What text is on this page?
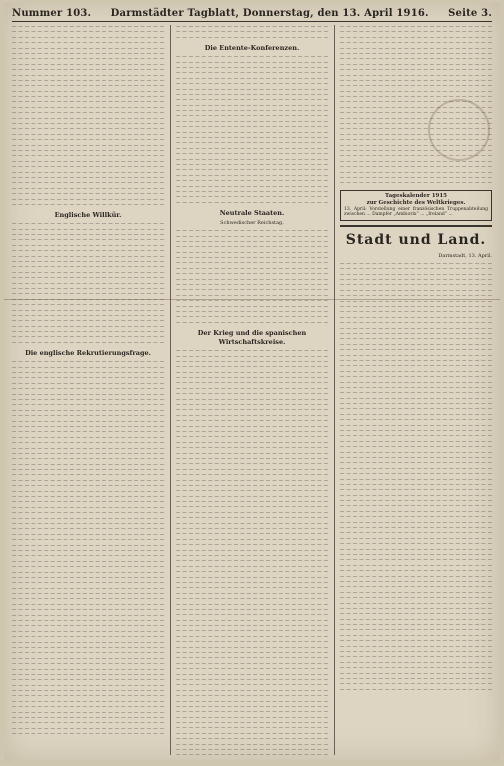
Nummer 103. Darmstädter Tagblatt, Donnerstag, den 13. April 1916. Seite 3.
— — — — — — — — — — — — — — — — — — — — — — — —
— — — — — — — — — — — — — — — — — — — — — — — —
— — — — — — — — — — — — — — — — — — — — — — — —
— — — — — — — — — — — — — — — — — — — — — — — —
— — — — — — — — — — — — — — — — — — — — — — — —
— — — — — — — — — — — — — — — — — — — — — — — —
— — — — — — — — — — — — — — — — — — — — — — — —
— — — — — — — — — — — — — — — — — — — — — — — —
— — — — — — — — — — — — — — — — — — — — — — — —
— — — — — — — — — — — — — — — — — — — — — — — —
— — — — — — — — — — — — — — — — — — — — — — — —
— — — — — — — — — — — — — — — — — — — — — — — —
— — — — — — — — — — — — — — — — — — — — — — — —
— — — — — — — — — — — — — — — — — — — — — — — —
— — — — — — — — — — — — — — — — — — — — — — — —
— — — — — — — — — — — — — — — — — — — — — — — —
— — — — — — — — — — — — — — — — — — — — — — — —
— — — — — — — — — — — — — — — — — — — — — — — —
— — — — — — — — — — — — — — — — — — — — — — — —
— — — — — — — — — — — — — — — — — — — — — — — —
— — — — — — — — — — — — — — — — — — — — — — — —
— — — — — — — — — — — — — — — — — — — — — — — —
— — — — — — — — — — — — — — — — — — — — — — — —
— — — — — — — — — — — — — — — — — — — — — — — —
— — — — — — — — — — — — — — — — — — — — — — — —
— — — — — — — — — — — — — — — — — — — — — — — —
— — — — — — — — — — — — — — — — — — — — — — — —
— — — — — — — — — — — — — — — — — — — — — — — —
— — — — — — — — — — — — — — — — — — — — — — — —
— — — — — — — — — — — — — — — — — — — — — — — —
— — — — — — — — — — — — — — — — — — — — — — — —
— — — — — — — — — — — — — — — — — — — — — — — —
— — — — — — — — — — — — — — — — — — — — — — — —
— — — — — — — — — — — — — — — — — — — — — — — —
Englische Willkür.
— — — — — — — — — — — — — — — — — — — — — — — —
— — — — — — — — — — — — — — — — — — — — — — — —
— — — — — — — — — — — — — — — — — — — — — — — —
— — — — — — — — — — — — — — — — — — — — — — — —
— — — — — — — — — — — — — — — — — — — — — — — —
— — — — — — — — — — — — — — — — — — — — — — — —
— — — — — — — — — — — — — — — — — — — — — — — —
— — — — — — — — — — — — — — — — — — — — — — — —
— — — — — — — — — — — — — — — — — — — — — — — —
— — — — — — — — — — — — — — — — — — — — — — — —
— — — — — — — — — — — — — — — — — — — — — — — —
— — — — — — — — — — — — — — — — — — — — — — — —
— — — — — — — — — — — — — — — — — — — — — — — —
— — — — — — — — — — — — — — — — — — — — — — — —
— — — — — — — — — — — — — — — — — — — — — — — —
— — — — — — — — — — — — — — — — — — — — — — — —
— — — — — — — — — — — — — — — — — — — — — — — —
— — — — — — — — — — — — — — — — — — — — — — — —
— — — — — — — — — — — — — — — — — — — — — — — —
— — — — — — — — — — — — — — — — — — — — — — — —
— — — — — — — — — — — — — — — — — — — — — — — —
— — — — — — — — — — — — — — — — — — — — — — — —
— — — — — — — — — — — — — — — — — — — — — — — —
Die englische Rekrutierungsfrage.
— — — — — — — — — — — — — — — — — — — — — — — —
— — — — — — — — — — — — — — — — — — — — — — — —
— — — — — — — — — — — — — — — — — — — — — — — —
— — — — — — — — — — — — — — — — — — — — — — — —
— — — — — — — — — — — — — — — — — — — — — — — —
— — — — — — — — — — — — — — — — — — — — — — — —
— — — — — — — — — — — — — — — — — — — — — — — —
— — — — — — — — — — — — — — — — — — — — — — — —
— — — — — — — — — — — — — — — — — — — — — — — —
— — — — — — — — — — — — — — — — — — — — — — — —
— — — — — — — — — — — — — — — — — — — — — — — —
— — — — — — — — — — — — — — — — — — — — — — — —
— — — — — — — — — — — — — — — — — — — — — — — —
— — — — — — — — — — — — — — — — — — — — — — — —
— — — — — — — — — — — — — — — — — — — — — — — —
— — — — — — — — — — — — — — — — — — — — — — — —
— — — — — — — — — — — — — — — — — — — — — — — —
— — — — — — — — — — — — — — — — — — — — — — — —
— — — — — — — — — — — — — — — — — — — — — — — —
— — — — — — — — — — — — — — — — — — — — — — — —
— — — — — — — — — — — — — — — — — — — — — — — —
— — — — — — — — — — — — — — — — — — — — — — — —
— — — — — — — — — — — — — — — — — — — — — — — —
— — — — — — — — — — — — — — — — — — — — — — — —
— — — — — — — — — — — — — — — — — — — — — — — —
— — — — — — — — — — — — — — — — — — — — — — — —
— — — — — — — — — — — — — — — — — — — — — — — —
— — — — — — — — — — — — — — — — — — — — — — — —
— — — — — — — — — — — — — — — — — — — — — — — —
— — — — — — — — — — — — — — — — — — — — — — — —
— — — — — — — — — — — — — — — — — — — — — — — —
— — — — — — — — — — — — — — — — — — — — — — — —
— — — — — — — — — — — — — — — — — — — — — — — —
— — — — — — — — — — — — — — — — — — — — — — — —
— — — — — — — — — — — — — — — — — — — — — — — —
— — — — — — — — — — — — — — — — — — — — — — — —
— — — — — — — — — — — — — — — — — — — — — — — —
— — — — — — — — — — — — — — — — — — — — — — — —
— — — — — — — — — — — — — — — — — — — — — — — —
— — — — — — — — — — — — — — — — — — — — — — — —
— — — — — — — — — — — — — — — — — — — — — — — —
— — — — — — — — — — — — — — — — — — — — — — — —
— — — — — — — — — — — — — — — — — — — — — — — —
— — — — — — — — — — — — — — — — — — — — — — — —
— — — — — — — — — — — — — — — — — — — — — — — —
— — — — — — — — — — — — — — — — — — — — — — — —
— — — — — — — — — — — — — — — — — — — — — — — —
— — — — — — — — — — — — — — — — — — — — — — — —
— — — — — — — — — — — — — — — — — — — — — — — —
— — — — — — — — — — — — — — — — — — — — — — — —
— — — — — — — — — — — — — — — — — — — — — — — —
— — — — — — — — — — — — — — — — — — — — — — — —
— — — — — — — — — — — — — — — — — — — — — — — —
— — — — — — — — — — — — — — — — — — — — — — — —
— — — — — — — — — — — — — — — — — — — — — — — —
— — — — — — — — — — — — — — — — — — — — — — — —
— — — — — — — — — — — — — — — — — — — — — — — —
— — — — — — — — — — — — — — — — — — — — — — — —
— — — — — — — — — — — — — — — — — — — — — — — —
— — — — — — — — — — — — — — — — — — — — — — — —
— — — — — — — — — — — — — — — — — — — — — — — —
— — — — — — — — — — — — — — — — — — — — — — — —
— — — — — — — — — — — — — — — — — — — — — — — —
— — — — — — — — — — — — — — — — — — — — — — — —
— — — — — — — — — — — — — — — — — — — — — — — —
— — — — — — — — — — — — — — — — — — — — — — — —
— — — — — — — — — — — — — — — — — — — — — — — —
— — — — — — — — — — — — — — — — — — — — — — — —
— — — — — — — — — — — — — — — — — — — — — — — —
— — — — — — — — — — — — — — — — — — — — — — — —
— — — — — — — — — — — — — — — — — — — — — — — —
— — — — — — — — — — — — — — — — — — — — — — — —
— — — — — — — — — — — — — — — — — — — — — — — —
Die Entente-Konferenzen.
— — — — — — — — — — — — — — — — — — — — — — — —
— — — — — — — — — — — — — — — — — — — — — — — —
— — — — — — — — — — — — — — — — — — — — — — — —
— — — — — — — — — — — — — — — — — — — — — — — —
— — — — — — — — — — — — — — — — — — — — — — — —
— — — — — — — — — — — — — — — — — — — — — — — —
— — — — — — — — — — — — — — — — — — — — — — — —
— — — — — — — — — — — — — — — — — — — — — — — —
— — — — — — — — — — — — — — — — — — — — — — — —
— — — — — — — — — — — — — — — — — — — — — — — —
— — — — — — — — — — — — — — — — — — — — — — — —
— — — — — — — — — — — — — — — — — — — — — — — —
— — — — — — — — — — — — — — — — — — — — — — — —
— — — — — — — — — — — — — — — — — — — — — — — —
— — — — — — — — — — — — — — — — — — — — — — — —
— — — — — — — — — — — — — — — — — — — — — — — —
— — — — — — — — — — — — — — — — — — — — — — — —
— — — — — — — — — — — — — — — — — — — — — — — —
— — — — — — — — — — — — — — — — — — — — — — — —
— — — — — — — — — — — — — — — — — — — — — — — —
— — — — — — — — — — — — — — — — — — — — — — — —
— — — — — — — — — — — — — — — — — — — — — — — —
— — — — — — — — — — — — — — — — — — — — — — — —
— — — — — — — — — — — — — — — — — — — — — — — —
— — — — — — — — — — — — — — — — — — — — — — — —
— — — — — — — — — — — — — — — — — — — — — — — —
— — — — — — — — — — — — — — — — — — — — — — — —
— — — — — — — — — — — — — — — — — — — — — — — —
Neutrale Staaten.
Schwedischer Reichstag.
— — — — — — — — — — — — — — — — — — — — — — — —
— — — — — — — — — — — — — — — — — — — — — — — —
— — — — — — — — — — — — — — — — — — — — — — — —
— — — — — — — — — — — — — — — — — — — — — — — —
— — — — — — — — — — — — — — — — — — — — — — — —
— — — — — — — — — — — — — — — — — — — — — — — —
— — — — — — — — — — — — — — — — — — — — — — — —
— — — — — — — — — — — — — — — — — — — — — — — —
— — — — — — — — — — — — — — — — — — — — — — — —
— — — — — — — — — — — — — — — — — — — — — — — —
— — — — — — — — — — — — — — — — — — — — — — — —
— — — — — — — — — — — — — — — — — — — — — — — —
— — — — — — — — — — — — — — — — — — — — — — — —
— — — — — — — — — — — — — — — — — — — — — — — —
— — — — — — — — — — — — — — — — — — — — — — — —
— — — — — — — — — — — — — — — — — — — — — — — —
— — — — — — — — — — — — — — — — — — — — — — — —
— — — — — — — — — — — — — — — — — — — — — — — —
Der Krieg und die spanischen Wirtschaftskreise.
— — — — — — — — — — — — — — — — — — — — — — — —
— — — — — — — — — — — — — — — — — — — — — — — —
— — — — — — — — — — — — — — — — — — — — — — — —
— — — — — — — — — — — — — — — — — — — — — — — —
— — — — — — — — — — — — — — — — — — — — — — — —
— — — — — — — — — — — — — — — — — — — — — — — —
— — — — — — — — — — — — — — — — — — — — — — — —
— — — — — — — — — — — — — — — — — — — — — — — —
— — — — — — — — — — — — — — — — — — — — — — — —
— — — — — — — — — — — — — — — — — — — — — — — —
— — — — — — — — — — — — — — — — — — — — — — — —
— — — — — — — — — — — — — — — — — — — — — — — —
— — — — — — — — — — — — — — — — — — — — — — — —
— — — — — — — — — — — — — — — — — — — — — — — —
— — — — — — — — — — — — — — — — — — — — — — — —
— — — — — — — — — — — — — — — — — — — — — — — —
— — — — — — — — — — — — — — — — — — — — — — — —
— — — — — — — — — — — — — — — — — — — — — — — —
— — — — — — — — — — — — — — — — — — — — — — — —
— — — — — — — — — — — — — — — — — — — — — — — —
— — — — — — — — — — — — — — — — — — — — — — — —
— — — — — — — — — — — — — — — — — — — — — — — —
— — — — — — — — — — — — — — — — — — — — — — — —
— — — — — — — — — — — — — — — — — — — — — — — —
— — — — — — — — — — — — — — — — — — — — — — — —
— — — — — — — — — — — — — — — — — — — — — — — —
— — — — — — — — — — — — — — — — — — — — — — — —
— — — — — — — — — — — — — — — — — — — — — — — —
— — — — — — — — — — — — — — — — — — — — — — — —
— — — — — — — — — — — — — — — — — — — — — — — —
— — — — — — — — — — — — — — — — — — — — — — — —
— — — — — — — — — — — — — — — — — — — — — — — —
— — — — — — — — — — — — — — — — — — — — — — — —
— — — — — — — — — — — — — — — — — — — — — — — —
— — — — — — — — — — — — — — — — — — — — — — — —
— — — — — — — — — — — — — — — — — — — — — — — —
— — — — — — — — — — — — — — — — — — — — — — — —
— — — — — — — — — — — — — — — — — — — — — — — —
— — — — — — — — — — — — — — — — — — — — — — — —
— — — — — — — — — — — — — — — — — — — — — — — —
— — — — — — — — — — — — — — — — — — — — — — — —
— — — — — — — — — — — — — — — — — — — — — — — —
— — — — — — — — — — — — — — — — — — — — — — — —
— — — — — — — — — — — — — — — — — — — — — — — —
— — — — — — — — — — — — — — — — — — — — — — — —
— — — — — — — — — — — — — — — — — — — — — — — —
— — — — — — — — — — — — — — — — — — — — — — — —
— — — — — — — — — — — — — — — — — — — — — — — —
— — — — — — — — — — — — — — — — — — — — — — — —
— — — — — — — — — — — — — — — — — — — — — — — —
— — — — — — — — — — — — — — — — — — — — — — — —
— — — — — — — — — — — — — — — — — — — — — — — —
— — — — — — — — — — — — — — — — — — — — — — — —
— — — — — — — — — — — — — — — — — — — — — — — —
— — — — — — — — — — — — — — — — — — — — — — — —
— — — — — — — — — — — — — — — — — — — — — — — —
— — — — — — — — — — — — — — — — — — — — — — — —
— — — — — — — — — — — — — — — — — — — — — — — —
— — — — — — — — — — — — — — — — — — — — — — — —
— — — — — — — — — — — — — — — — — — — — — — — —
— — — — — — — — — — — — — — — — — — — — — — — —
— — — — — — — — — — — — — — — — — — — — — — — —
— — — — — — — — — — — — — — — — — — — — — — — —
— — — — — — — — — — — — — — — — — — — — — — — —
— — — — — — — — — — — — — — — — — — — — — — — —
— — — — — — — — — — — — — — — — — — — — — — — —
— — — — — — — — — — — — — — — — — — — — — — — —
— — — — — — — — — — — — — — — — — — — — — — — —
— — — — — — — — — — — — — — — — — — — — — — — —
— — — — — — — — — — — — — — — — — — — — — — — —
— — — — — — — — — — — — — — — — — — — — — — — —
— — — — — — — — — — — — — — — — — — — — — — — —
— — — — — — — — — — — — — — — — — — — — — — — —
— — — — — — — — — — — — — — — — — — — — — — — —
— — — — — — — — — — — — — — — — — — — — — — — —
— — — — — — — — — — — — — — — — — — — — — — — —
— — — — — — — — — — — — — — — — — — — — — — — —
— — — — — — — — — — — — — — — — — — — — — — — —
— — — — — — — — — — — — — — — — — — — — — — — —
— — — — — — — — — — — — — — — — — — — — — — — —
— — — — — — — — — — — — — — — — — — — — — — — —
— — — — — — — — — — — — — — — — — — — — — — — —
— — — — — — — — — — — — — — — — — — — — — — — —
— — — — — — — — — — — — — — — — — — — — — — — —
— — — — — — — — — — — — — — — — — — — — — — — —
— — — — — — — — — — — — — — — — — — — — — — — —
— — — — — — — — — — — — — — — — — — — — — — — —
— — — — — — — — — — — — — — — — — — — — — — — —
— — — — — — — — — — — — — — — — — — — — — — — —
— — — — — — — — — — — — — — — — — — — — — — — —
— — — — — — — — — — — — — — — — — — — — — — — —
— — — — — — — — — — — — — — — — — — — — — — — —
— — — — — — — — — — — — — — — — — — — — — — — —
— — — — — — — — — — — — — — — — — — — — — — — —
— — — — — — — — — — — — — — — — — — — — — — — —
— — — — — — — — — — — — — — — — — — — — — — — —
— — — — — — — — — — — — — — — — — — — — — — — —
— — — — — — — — — — — — — — — — — — — — — — — —
— — — — — — — — — — — — — — — — — — — — — — — —
— — — — — — — — — — — — — — — — — — — — — — — —
— — — — — — — — — — — — — — — — — — — — — — — —
— — — — — — — — — — — — — — — — — — — — — — — —
— — — — — — — — — — — — — — — — — — — — — — — —
— — — — — — — — — — — — — — — — — — — — — — — —
— — — — — — — — — — — — — — — — — — — — — — — —
— — — — — — — — — — — — — — — — — — — — — — — —
Tageskalender 1915
zur Geschichte des Weltkrieges.
13. April: Vorstellung einer französischen Truppenabteilung zwischen ... Dampfer „Ambiorix“ ... „Ireland“ ...
Stadt und Land.
Darmstadt, 13. April.
— — — — — — — — — — — — — — — — — — — — — — — —
— — — — — — — — — — — — — — — — — — — — — — — —
— — — — — — — — — — — — — — — — — — — — — — — —
— — — — — — — — — — — — — — — — — — — — — — — —
— — — — — — — — — — — — — — — — — — — — — — — —
— — — — — — — — — — — — — — — — — — — — — — — —
— — — — — — — — — — — — — — — — — — — — — — — —
— — — — — — — — — — — — — — — — — — — — — — — —
— — — — — — — — — — — — — — — — — — — — — — — —
— — — — — — — — — — — — — — — — — — — — — — — —
— — — — — — — — — — — — — — — — — — — — — — — —
— — — — — — — — — — — — — — — — — — — — — — — —
— — — — — — — — — — — — — — — — — — — — — — — —
— — — — — — — — — — — — — — — — — — — — — — — —
— — — — — — — — — — — — — — — — — — — — — — — —
— — — — — — — — — — — — — — — — — — — — — — — —
— — — — — — — — — — — — — — — — — — — — — — — —
— — — — — — — — — — — — — — — — — — — — — — — —
— — — — — — — — — — — — — — — — — — — — — — — —
— — — — — — — — — — — — — — — — — — — — — — — —
— — — — — — — — — — — — — — — — — — — — — — — —
— — — — — — — — — — — — — — — — — — — — — — — —
— — — — — — — — — — — — — — — — — — — — — — — —
— — — — — — — — — — — — — — — — — — — — — — — —
— — — — — — — — — — — — — — — — — — — — — — — —
— — — — — — — — — — — — — — — — — — — — — — — —
— — — — — — — — — — — — — — — — — — — — — — — —
— — — — — — — — — — — — — — — — — — — — — — — —
— — — — — — — — — — — — — — — — — — — — — — — —
— — — — — — — — — — — — — — — — — — — — — — — —
— — — — — — — — — — — — — — — — — — — — — — — —
— — — — — — — — — — — — — — — — — — — — — — — —
— — — — — — — — — — — — — — — — — — — — — — — —
— — — — — — — — — — — — — — — — — — — — — — — —
— — — — — — — — — — — — — — — — — — — — — — — —
— — — — — — — — — — — — — — — — — — — — — — — —
— — — — — — — — — — — — — — — — — — — — — — — —
— — — — — — — — — — — — — — — — — — — — — — — —
— — — — — — — — — — — — — — — — — — — — — — — —
— — — — — — — — — — — — — — — — — — — — — — — —
— — — — — — — — — — — — — — — — — — — — — — — —
— — — — — — — — — — — — — — — — — — — — — — — —
— — — — — — — — — — — — — — — — — — — — — — — —
— — — — — — — — — — — — — — — — — — — — — — — —
— — — — — — — — — — — — — — — — — — — — — — — —
— — — — — — — — — — — — — — — — — — — — — — — —
— — — — — — — — — — — — — — — — — — — — — — — —
— — — — — — — — — — — — — — — — — — — — — — — —
— — — — — — — — — — — — — — — — — — — — — — — —
— — — — — — — — — — — — — — — — — — — — — — — —
— — — — — — — — — — — — — — — — — — — — — — — —
— — — — — — — — — — — — — — — — — — — — — — — —
— — — — — — — — — — — — — — — — — — — — — — — —
— — — — — — — — — — — — — — — — — — — — — — — —
— — — — — — — — — — — — — — — — — — — — — — — —
— — — — — — — — — — — — — — — — — — — — — — — —
— — — — — — — — — — — — — — — — — — — — — — — —
— — — — — — — — — — — — — — — — — — — — — — — —
— — — — — — — — — — — — — — — — — — — — — — — —
— — — — — — — — — — — — — — — — — — — — — — — —
— — — — — — — — — — — — — — — — — — — — — — — —
— — — — — — — — — — — — — — — — — — — — — — — —
— — — — — — — — — — — — — — — — — — — — — — — —
— — — — — — — — — — — — — — — — — — — — — — — —
— — — — — — — — — — — — — — — — — — — — — — — —
— — — — — — — — — — — — — — — — — — — — — — — —
— — — — — — — — — — — — — — — — — — — — — — — —
— — — — — — — — — — — — — — — — — — — — — — — —
— — — — — — — — — — — — — — — — — — — — — — — —
— — — — — — — — — — — — — — — — — — — — — — — —
— — — — — — — — — — — — — — — — — — — — — — — —
— — — — — — — — — — — — — — — — — — — — — — — —
— — — — — — — — — — — — — — — — — — — — — — — —
— — — — — — — — — — — — — — — — — — — — — — — —
— — — — — — — — — — — — — — — — — — — — — — — —
— — — — — — — — — — — — — — — — — — — — — — — —
— — — — — — — — — — — — — — — — — — — — — — — —
— — — — — — — — — — — — — — — — — — — — — — — —
— — — — — — — — — — — — — — — — — — — — — — — —
— — — — — — — — — — — — — — — — — — — — — — — —
